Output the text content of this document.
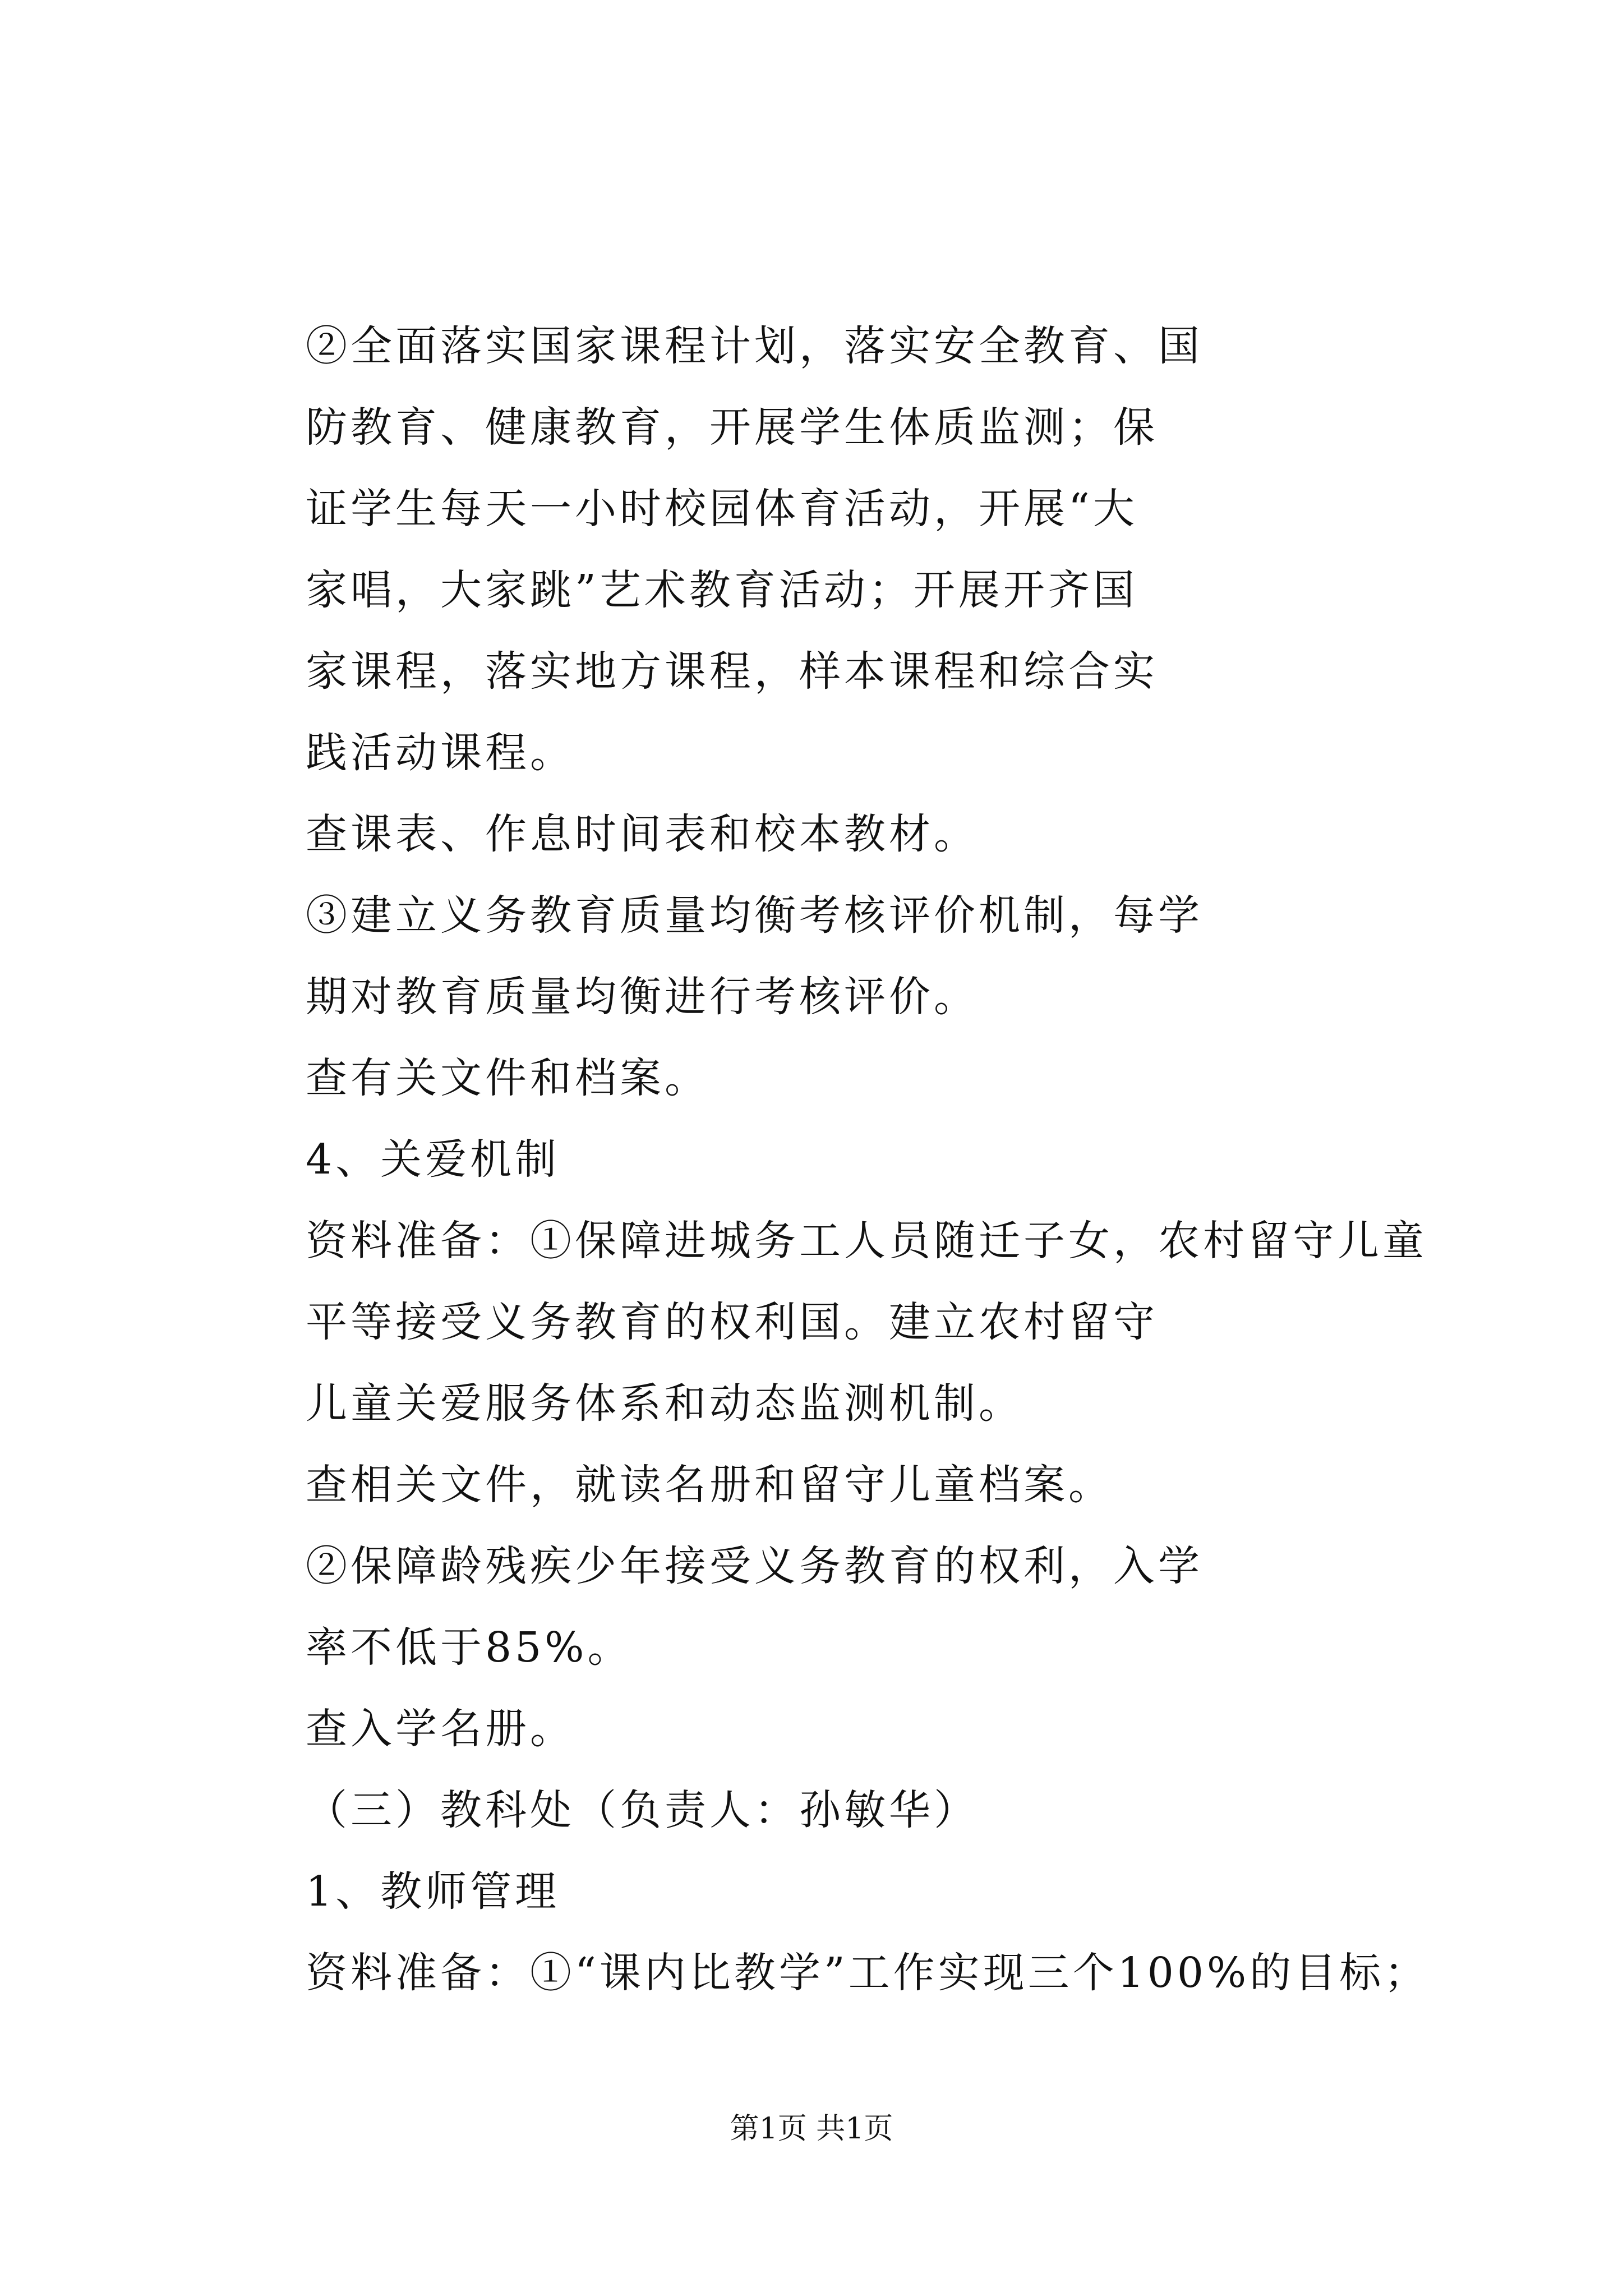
②全面落实国家课程计划，落实安全教育、国
防教育、健康教育，开展学生体质监测；保
证学生每天一小时校园体育活动，开展“大
家唱，大家跳”艺术教育活动；开展开齐国
家课程，落实地方课程，样本课程和综合实
践活动课程。
查课表、作息时间表和校本教材。
③建立义务教育质量均衡考核评价机制，每学
期对教育质量均衡进行考核评价。
查有关文件和档案。
4、关爱机制
资料准备：①保障进城务工人员随迁子女，农村留守儿童
平等接受义务教育的权利国。建立农村留守
儿童关爱服务体系和动态监测机制。
查相关文件，就读名册和留守儿童档案。
②保障龄残疾少年接受义务教育的权利，入学
率不低于85%。
查入学名册。
（三）教科处（负责人：孙敏华）
1、教师管理
资料准备：①“课内比教学”工作实现三个100%的目标；
第1页 共1页
